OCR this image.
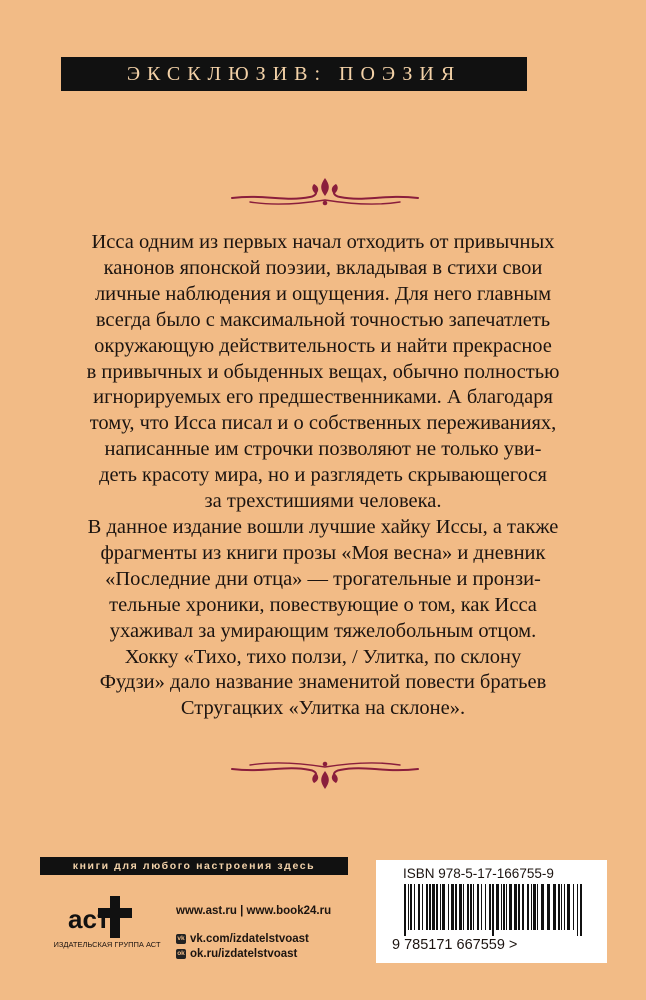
ЭКСКЛЮЗИВ: ПОЭЗИЯ

Исса одним из первых начал отходить от привычных

канонов японской поэзии, вкладывая в стихи свои

личные наблюдения и ощущения. Для него главным

всегда было с максимальной точностью запечатлеть

окружающую действительность и найти прекрасное

в привычных и обыденных вещах, обычно полностью

игнорируемых его предшественниками. А благодаря

тому, что Исса писал и о собственных переживаниях,

написанные им строчки позволяют не только уви-

деть красоту мира, но и разглядеть скрывающегося

за трехстишиями человека.

В данное издание вошли лучшие хайку Иссы, а также

фрагменты из книги прозы «Моя весна» и дневник

«Последние дни отца» — трогательные и пронзи-

тельные хроники, повествующие о том, как Исса

ухаживал за умирающим тяжелобольным отцом.

Хокку «Тихо, тихо ползи, / Улитка, по склону

Фудзи» дало название знаменитой повести братьев

Стругацких «Улитка на склоне».

книги для любого настроения здесь
аст
ИЗДАТЕЛЬСКАЯ ГРУППА АСТ
www.ast.ru | www.book24.ru
vk vk.com/izdatelstvoast
ok ok.ru/izdatelstvoast
ISBN 978-5-17-166755-9
9 785171 667559 >
